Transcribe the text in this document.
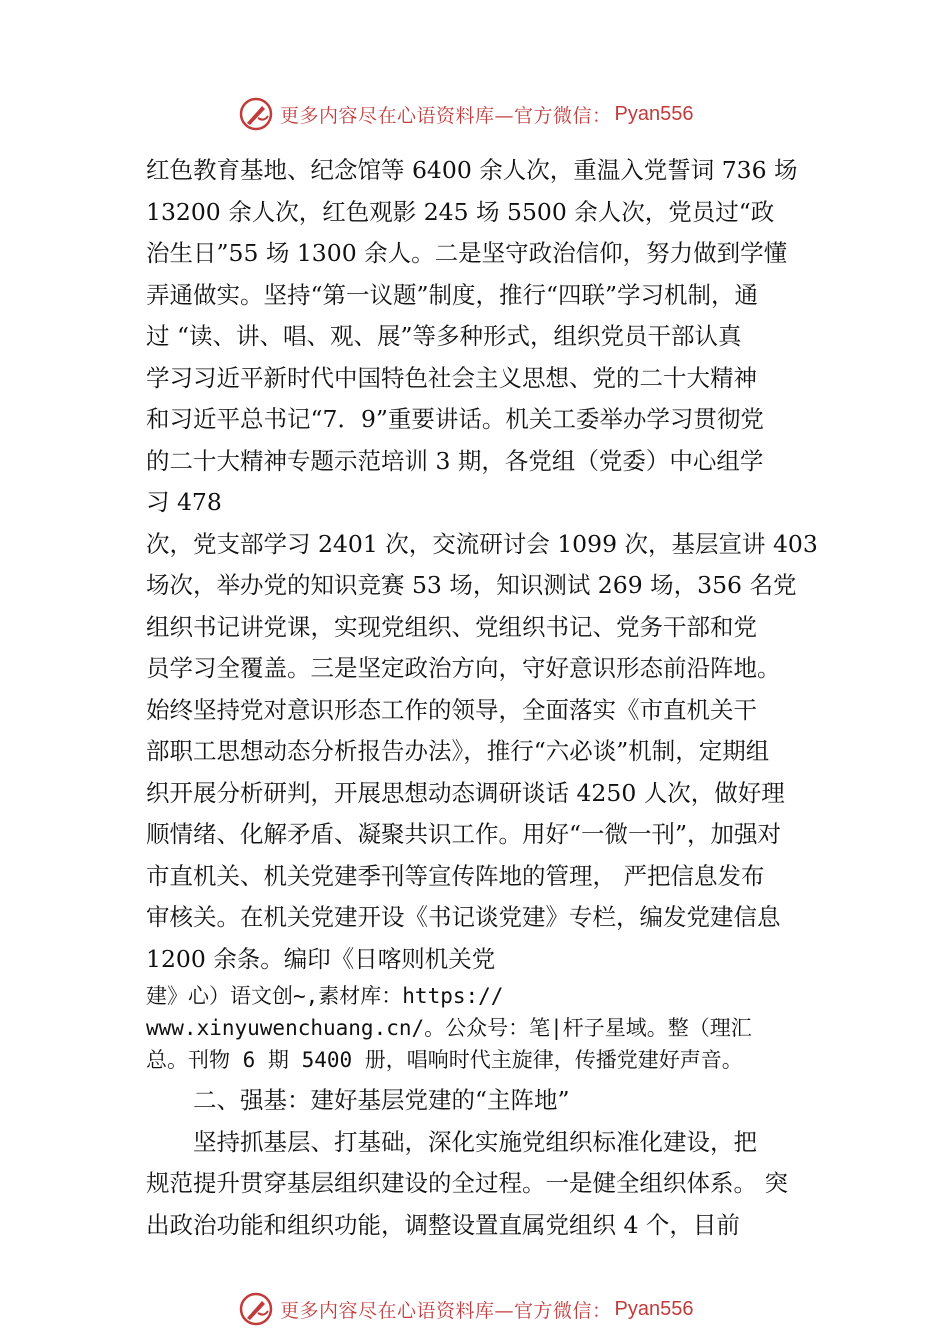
更多内容尽在心语资料库—官方微信： Pyan556
红色教育基地、纪念馆等 6400 余人次，重温入党誓词 736 场
13200 余人次，红色观影 245 场 5500 余人次，党员过“政
治生日”55 场 1300 余人。二是坚守政治信仰，努力做到学懂
弄通做实。坚持“第一议题”制度，推行“四联”学习机制，通
过 “读、讲、唱、观、展”等多种形式，组织党员干部认真
学习习近平新时代中国特色社会主义思想、党的二十大精神
和习近平总书记“7．9”重要讲话。机关工委举办学习贯彻党
的二十大精神专题示范培训 3 期，各党组（党委）中心组学
习 478
次，党支部学习 2401 次，交流研讨会 1099 次，基层宣讲 403
场次，举办党的知识竞赛 53 场，知识测试 269 场，356 名党
组织书记讲党课，实现党组织、党组织书记、党务干部和党
员学习全覆盖。三是坚定政治方向，守好意识形态前沿阵地。
始终坚持党对意识形态工作的领导，全面落实《市直机关干
部职工思想动态分析报告办法》，推行“六必谈”机制，定期组
织开展分析研判，开展思想动态调研谈话 4250 人次，做好理
顺情绪、化解矛盾、凝聚共识工作。用好“一微一刊”，加强对
市直机关、机关党建季刊等宣传阵地的管理， 严把信息发布
审核关。在机关党建开设《书记谈党建》专栏，编发党建信息
1200 余条。编印《日喀则机关党
建》心）语文创~,素材库：https://
www.xinyuwenchuang.cn/。公众号：笔|杆子星域。整（理汇
总。刊物 6 期 5400 册，唱响时代主旋律，传播党建好声音。
　　二、强基：建好基层党建的“主阵地”
　　坚持抓基层、打基础，深化实施党组织标准化建设，把
规范提升贯穿基层组织建设的全过程。一是健全组织体系。 突
出政治功能和组织功能，调整设置直属党组织 4 个，目前
更多内容尽在心语资料库—官方微信： Pyan556
